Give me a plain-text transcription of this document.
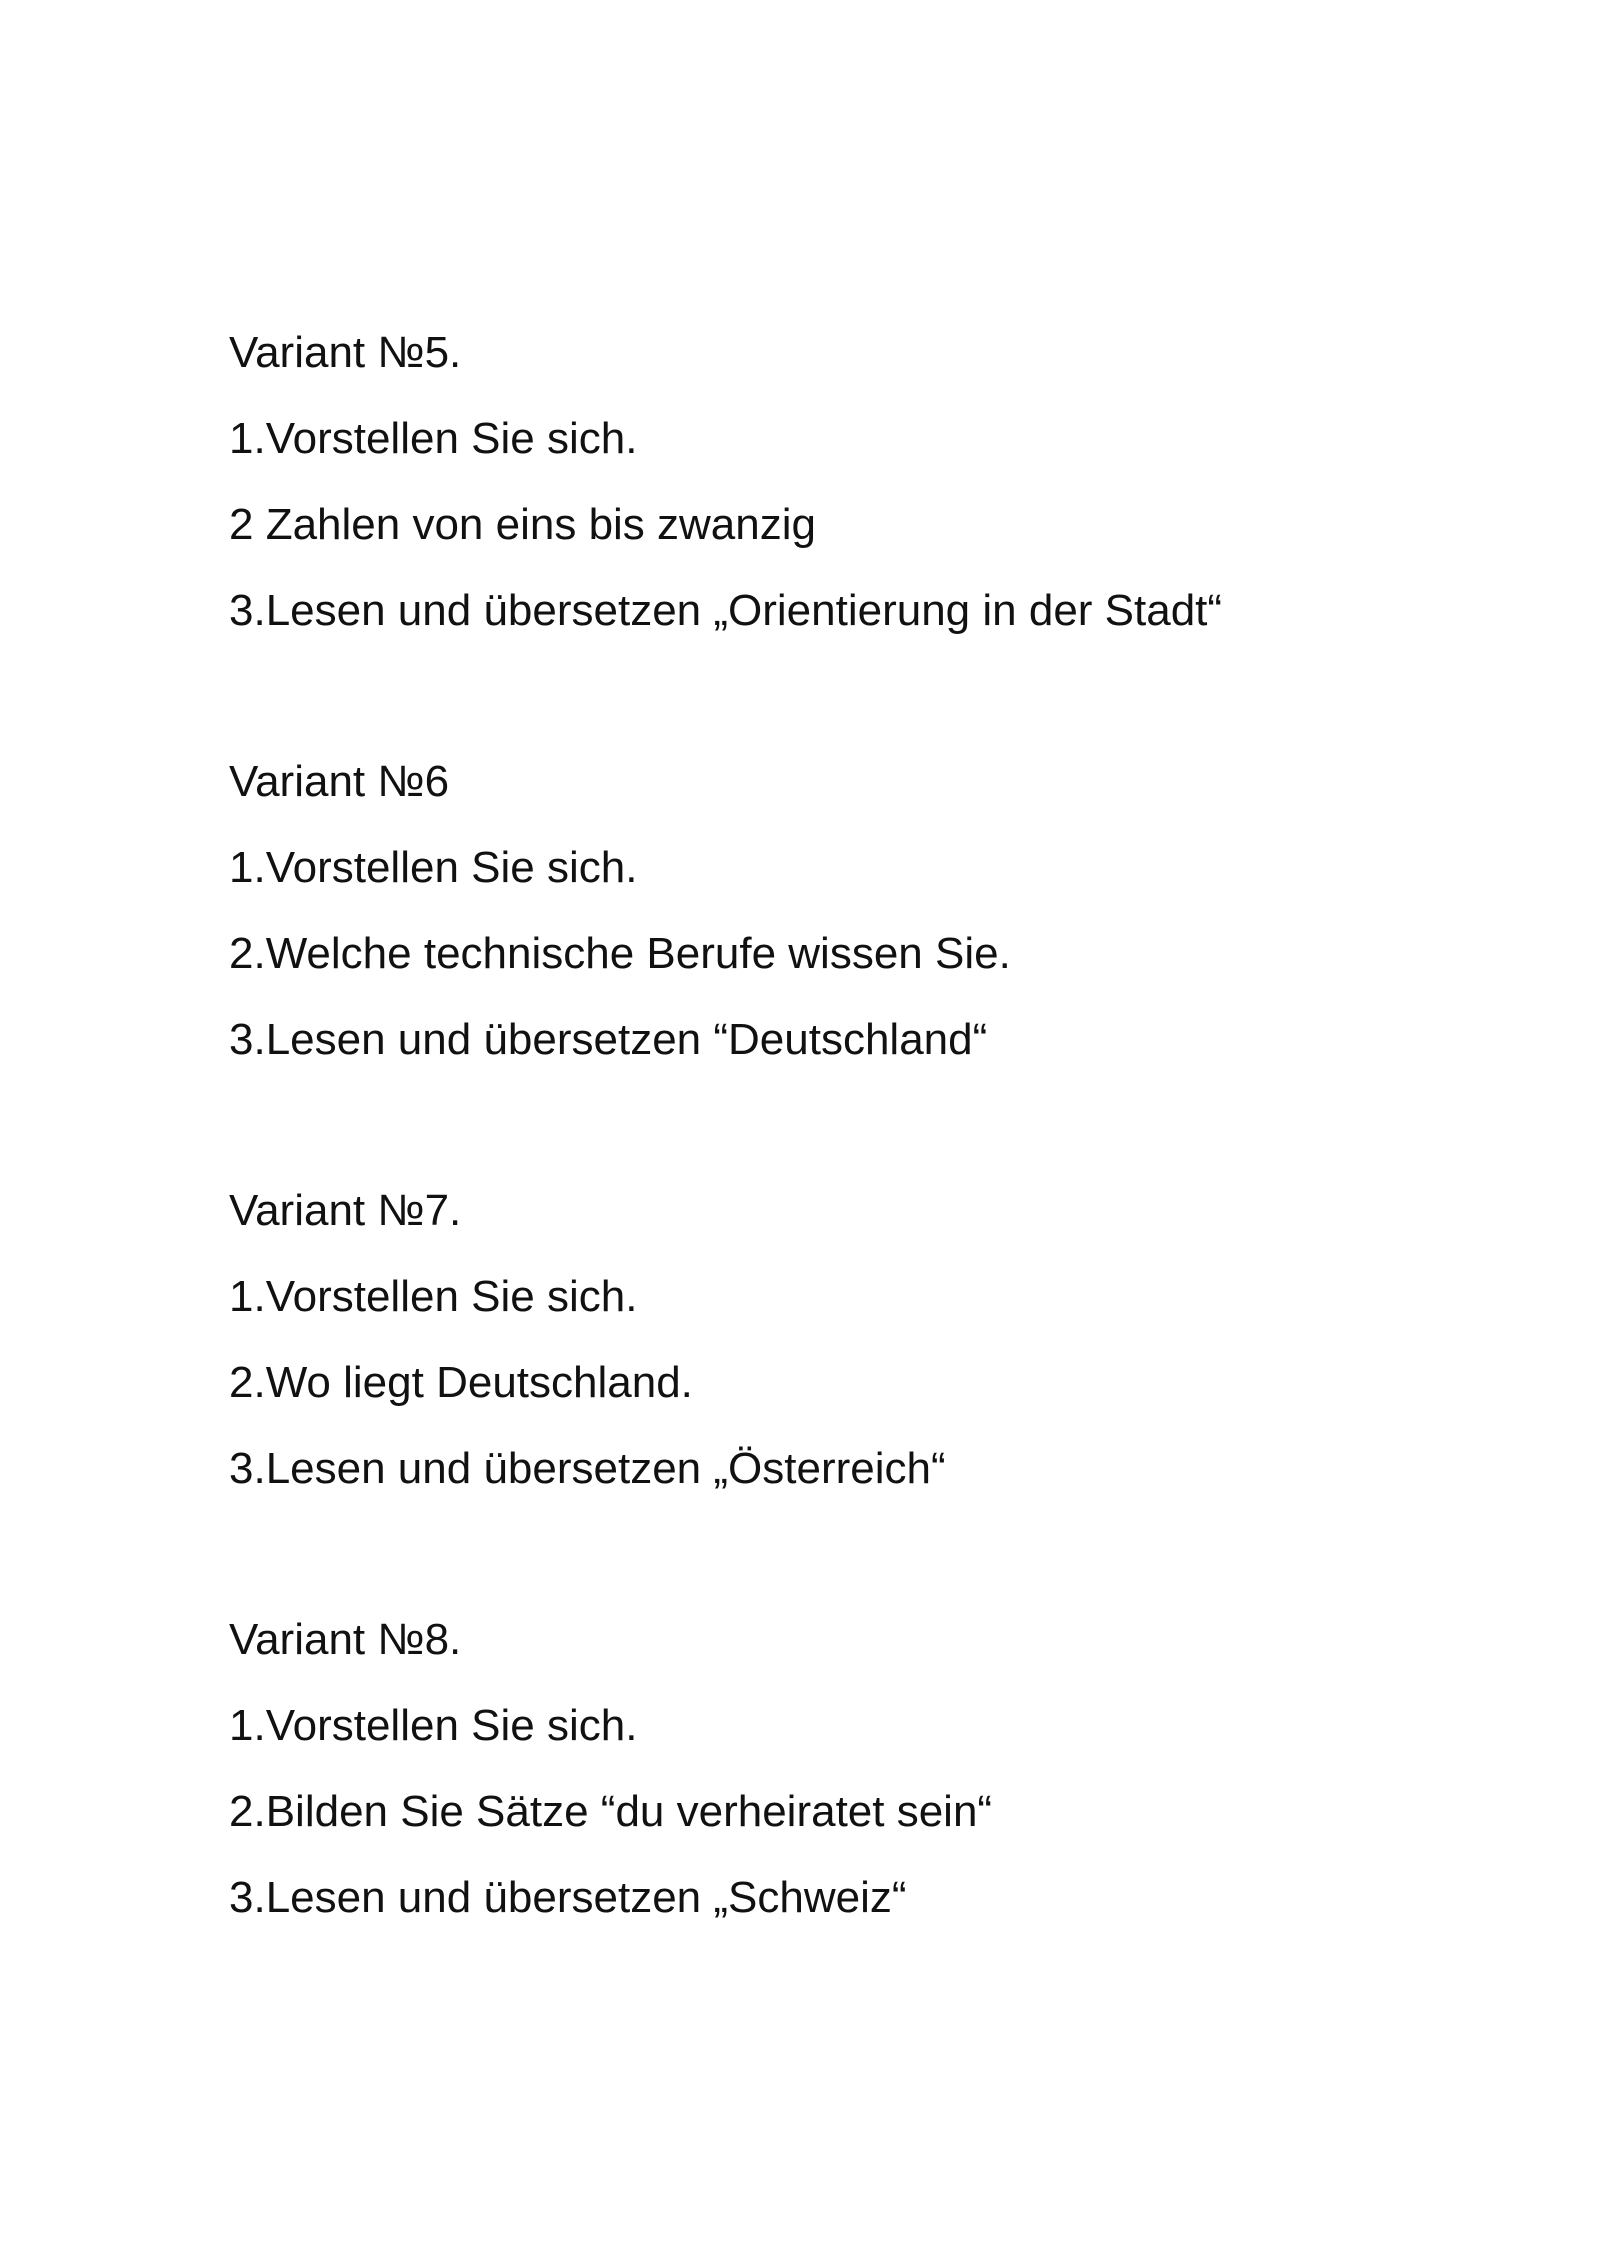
Variant №5.
1.Vorstellen Sie sich.
2 Zahlen von eins bis zwanzig
3.Lesen und übersetzen „Orientierung in der Stadt“
Variant №6
1.Vorstellen Sie sich.
2.Welche technische Berufe wissen Sie.
3.Lesen und übersetzen “Deutschland“
Variant №7.
1.Vorstellen Sie sich.
2.Wo liegt Deutschland.
3.Lesen und übersetzen „Österreich“
Variant №8.
1.Vorstellen Sie sich.
2.Bilden Sie Sätze “du verheiratet sein“
3.Lesen und übersetzen „Schweiz“
